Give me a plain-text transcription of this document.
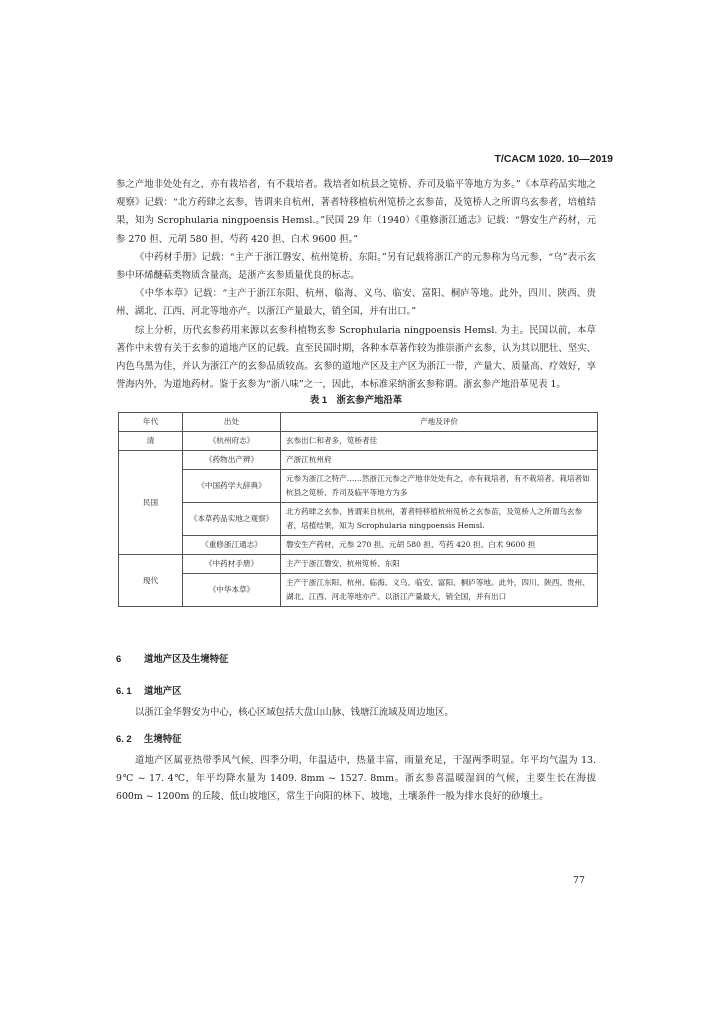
T/CACM 1020. 10—2019

参之产地非处处有之，亦有栽培者，有不栽培者。栽培者如杭县之笕桥、乔司及临平等地方为多。”《本草药品实地之观察》记载：“北方药肆之玄参，皆谓来自杭州，著者特移植杭州笕桥之玄参苗，及笕桥人之所谓乌玄参者，培植结果，知为 Scrophularia ningpoensis Hemsl.。”民国 29 年（1940）《重修浙江通志》记载：“磐安生产药材，元参 270 担、元胡 580 担、芍药 420 担、白术 9600 担。”

《中药材手册》记载：“主产于浙江磐安、杭州笕桥、东阳。”另有记载将浙江产的元参称为乌元参，“乌”表示玄参中环烯醚萜类物质含量高，是浙产玄参质量优良的标志。

《中华本草》记载：“主产于浙江东阳、杭州、临海、义乌、临安、富阳、桐庐等地。此外，四川、陕西、贵州、湖北、江西、河北等地亦产。以浙江产量最大，销全国，并有出口。”

综上分析，历代玄参药用来源以玄参科植物玄参 Scrophularia ningpoensis Hemsl. 为主。民国以前，本草著作中未曾有关于玄参的道地产区的记载。直至民国时期，各种本草著作较为推崇浙产玄参，认为其以肥壮、坚实、内色乌黑为佳，并认为浙江产的玄参品质较高。玄参的道地产区及主产区为浙江一带，产量大、质量高、疗效好，享誉海内外，为道地药材。鉴于玄参为“浙八味”之一，因此，本标准采纳浙玄参称谓。浙玄参产地沿革见表 1。

表 1　浙玄参产地沿革
年代	出处	产地及评价
清	《杭州府志》	玄参出仁和者多，笕桥者佳
民国	《药物出产辨》	产浙江杭州府
	《中国药学大辞典》	元参为浙江之特产……然浙江元参之产地非处处有之，亦有栽培者，有不栽培者。栽培者如杭县之笕桥、乔司及临平等地方为多
	《本草药品实地之观察》	北方药肆之玄参，皆谓来自杭州，著者特移植杭州笕桥之玄参苗，及笕桥人之所谓乌玄参者，培植结果，知为 Scrophularia ningpoensis Hemsl.
	《重修浙江通志》	磐安生产药材，元参 270 担、元胡 580 担、芍药 420 担、白术 9600 担
现代	《中药材手册》	主产于浙江磐安、杭州笕桥、东阳
	《中华本草》	主产于浙江东阳、杭州、临海、义乌、临安、富阳、桐庐等地。此外，四川、陕西、贵州、湖北、江西、河北等地亦产。以浙江产量最大，销全国，并有出口
6 道地产区及生境特征
6. 1 道地产区
以浙江金华磐安为中心，核心区域包括大盘山山脉、钱塘江流域及周边地区。
6. 2 生境特征
道地产区属亚热带季风气候，四季分明，年温适中，热量丰富，雨量充足，干湿两季明显。年平均气温为 13. 9℃ ~ 17. 4℃，年平均降水量为 1409. 8mm ~ 1527. 8mm。浙玄参喜温暖湿润的气候，主要生长在海拔 600m ~ 1200m 的丘陵、低山坡地区，常生于向阳的林下、坡地，土壤条件一般为排水良好的砂壤土。
77
